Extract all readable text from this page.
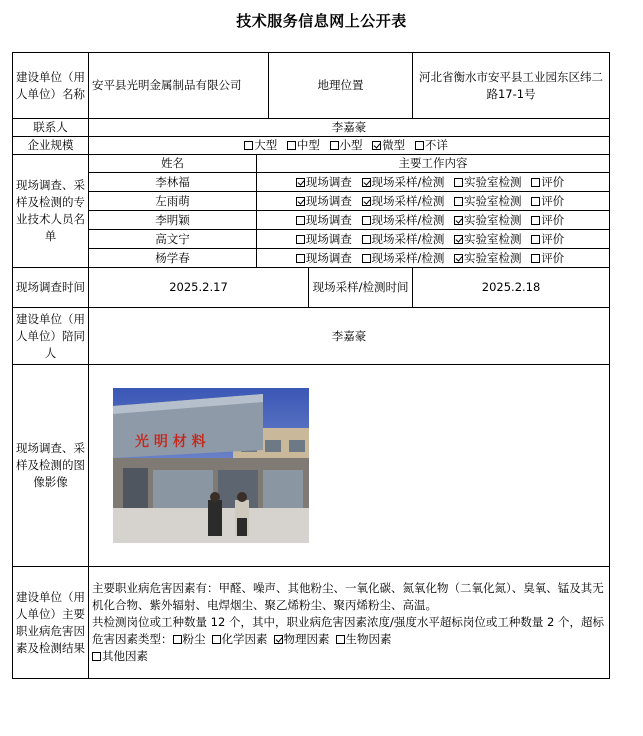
技术服务信息网上公开表
建设单位（用人单位）名称	安平县光明金属制品有限公司		地理位置		河北省衡水市安平县工业园东区纬二路17-1号
联系人	李嘉豪				
企业规模	大型 中型 小型 微型 不详				
现场调查、采样及检测的专业技术人员名单	姓名	主要工作内容			
	李林福	现场调查 现场采样/检测 实验室检测 评价			
	左雨萌	现场调查 现场采样/检测 实验室检测 评价			
	李明颖	现场调查 现场采样/检测 实验室检测 评价			
	高文宁	现场调查 现场采样/检测 实验室检测 评价			
	杨学春	现场调查 现场采样/检测 实验室检测 评价			
现场调查时间	2025.2.17			现场采样/检测时间	2025.2.18
建设单位（用人单位）陪同人	李嘉豪				
现场调查、采样及检测的图像影像	光 明 材 料				

建设单位（用人单位）主要职业病危害因素及检测结果	主要职业病危害因素有：甲醛、噪声、其他粉尘、一氧化碳、氮氧化物（二氧化氮）、臭氧、锰及其无机化合物、紫外辐射、电焊烟尘、聚乙烯粉尘、聚丙烯粉尘、高温。
共检测岗位或工种数量 12 个，其中，职业病危害因素浓度/强度水平超标岗位或工种数量 2 个，超标危害因素类型： 粉尘 化学因素 物理因素 生物因素
其他因素				
